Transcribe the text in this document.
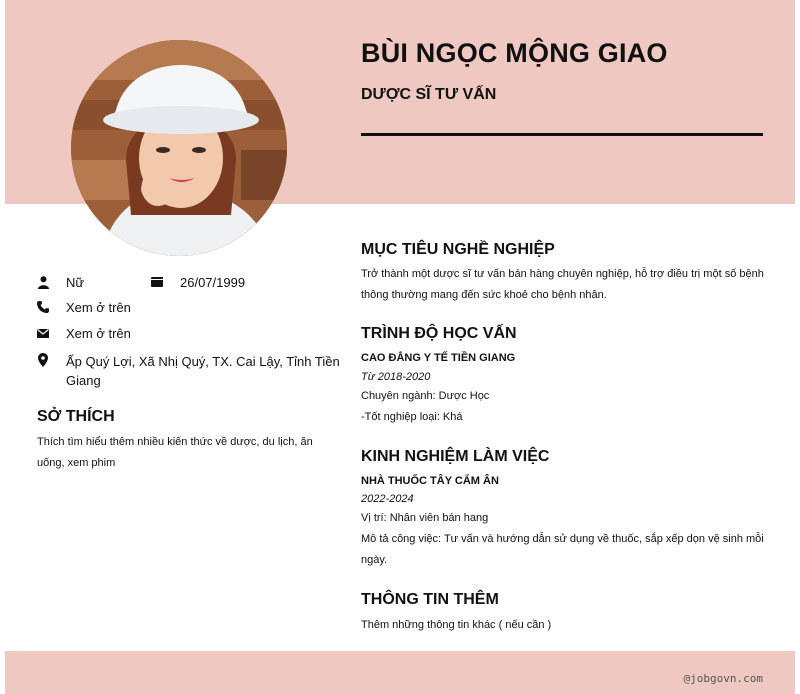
BÙI NGỌC MỘNG GIAO
DƯỢC SĨ TƯ VẤN
Nữ	26/07/1999
Xem ở trên
Xem ở trên
Ấp Quý Lợi, Xã Nhị Quý, TX. Cai Lậy, Tỉnh Tiền
Giang
SỞ THÍCH
Thích tìm hiểu thêm nhiều kiến thức về dược, du lịch, ăn
uống, xem phim
MỤC TIÊU NGHỀ NGHIỆP
Trở thành một dược sĩ tư vấn bán hàng chuyên nghiệp, hỗ trợ điều trị một số bệnh
thông thường mang đến sức khoẻ cho bệnh nhân.
TRÌNH ĐỘ HỌC VẤN
CAO ĐẲNG Y TẾ TIỀN GIANG
Từ 2018-2020
Chuyên ngành: Dược Học
-Tốt nghiệp loại: Khá
KINH NGHIỆM LÀM VIỆC
NHÀ THUỐC TÂY CẨM ÂN
2022-2024
Vị trí: Nhân viên bán hang
Mô tả công việc: Tư vấn và hướng dẫn sử dụng về thuốc, sắp xếp dọn vệ sinh mỗi
ngày.
THÔNG TIN THÊM
Thêm những thông tin khác ( nếu cần )
@jobgovn.com
